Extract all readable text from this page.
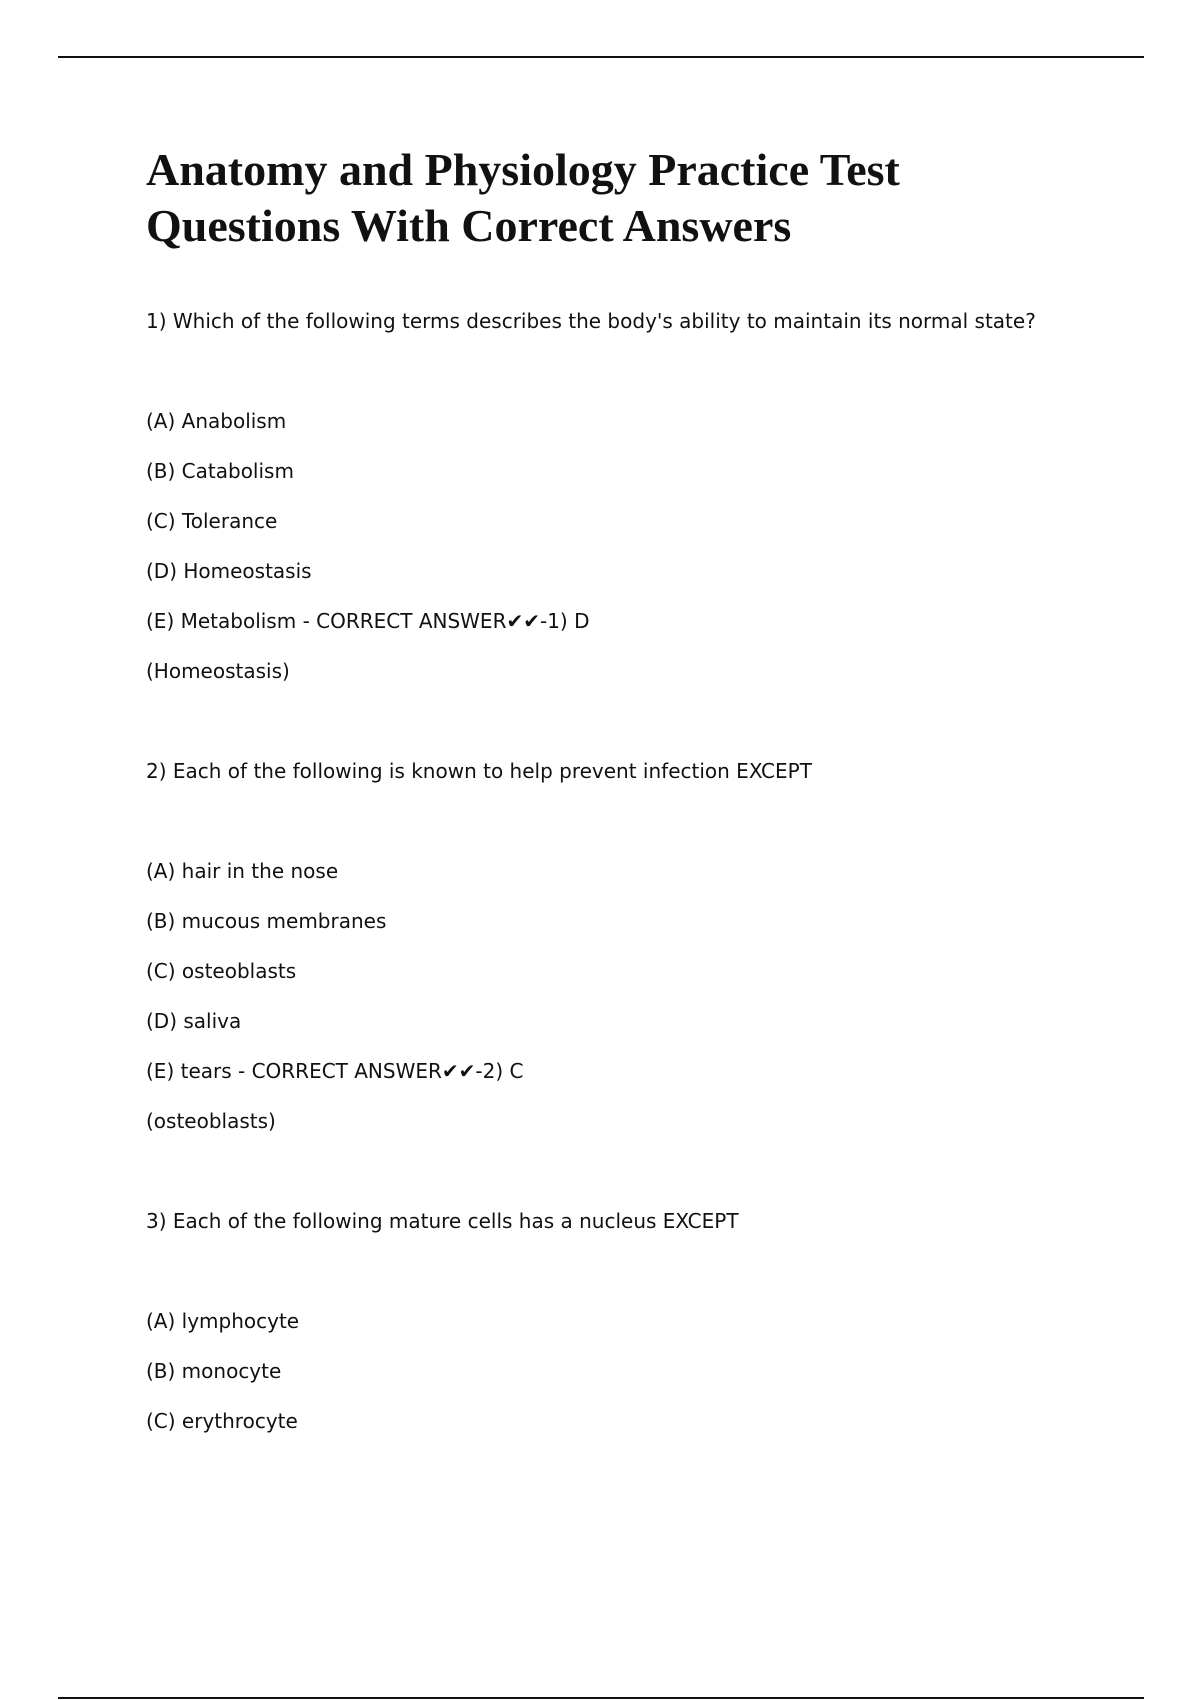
Anatomy and Physiology Practice Test
Questions With Correct Answers

1) Which of the following terms describes the body's ability to maintain its normal state?

(A) Anabolism

(B) Catabolism

(C) Tolerance

(D) Homeostasis

(E) Metabolism - CORRECT ANSWER✔✔-1) D

(Homeostasis)

2) Each of the following is known to help prevent infection EXCEPT

(A) hair in the nose

(B) mucous membranes

(C) osteoblasts

(D) saliva

(E) tears - CORRECT ANSWER✔✔-2) C

(osteoblasts)

3) Each of the following mature cells has a nucleus EXCEPT

(A) lymphocyte

(B) monocyte

(C) erythrocyte
